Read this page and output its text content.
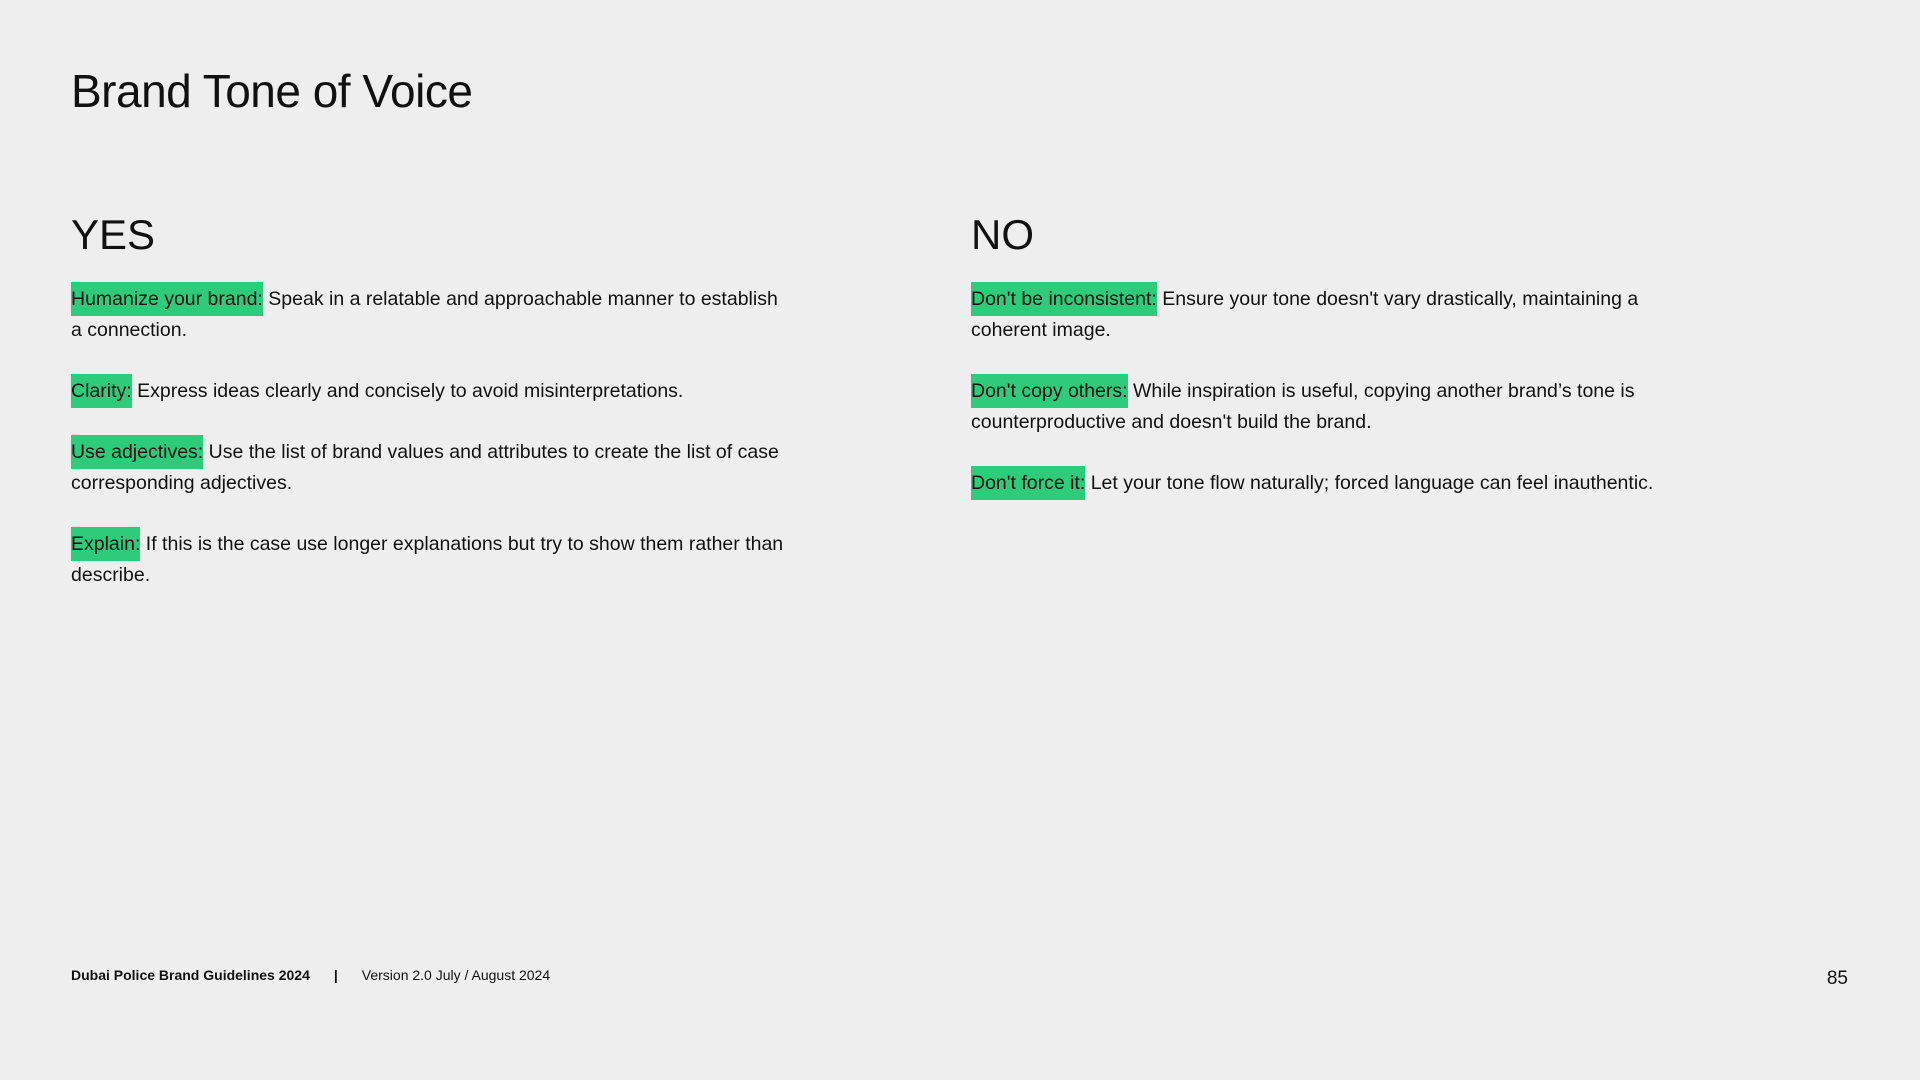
Brand Tone of Voice
YES
Humanize your brand: Speak in a relatable and approachable manner to establish a connection.
Clarity: Express ideas clearly and concisely to avoid misinterpretations.
Use adjectives: Use the list of brand values and attributes to create the list of case corresponding adjectives.
Explain: If this is the case use longer explanations but try to show them rather than describe.
NO
Don't be inconsistent: Ensure your tone doesn't vary drastically, maintaining a coherent image.
Don't copy others: While inspiration is useful, copying another brand’s tone is counterproductive and doesn't build the brand.
Don't force it: Let your tone flow naturally; forced language can feel inauthentic.
Dubai Police Brand Guidelines 2024 | Version 2.0 July / August 2024	85
